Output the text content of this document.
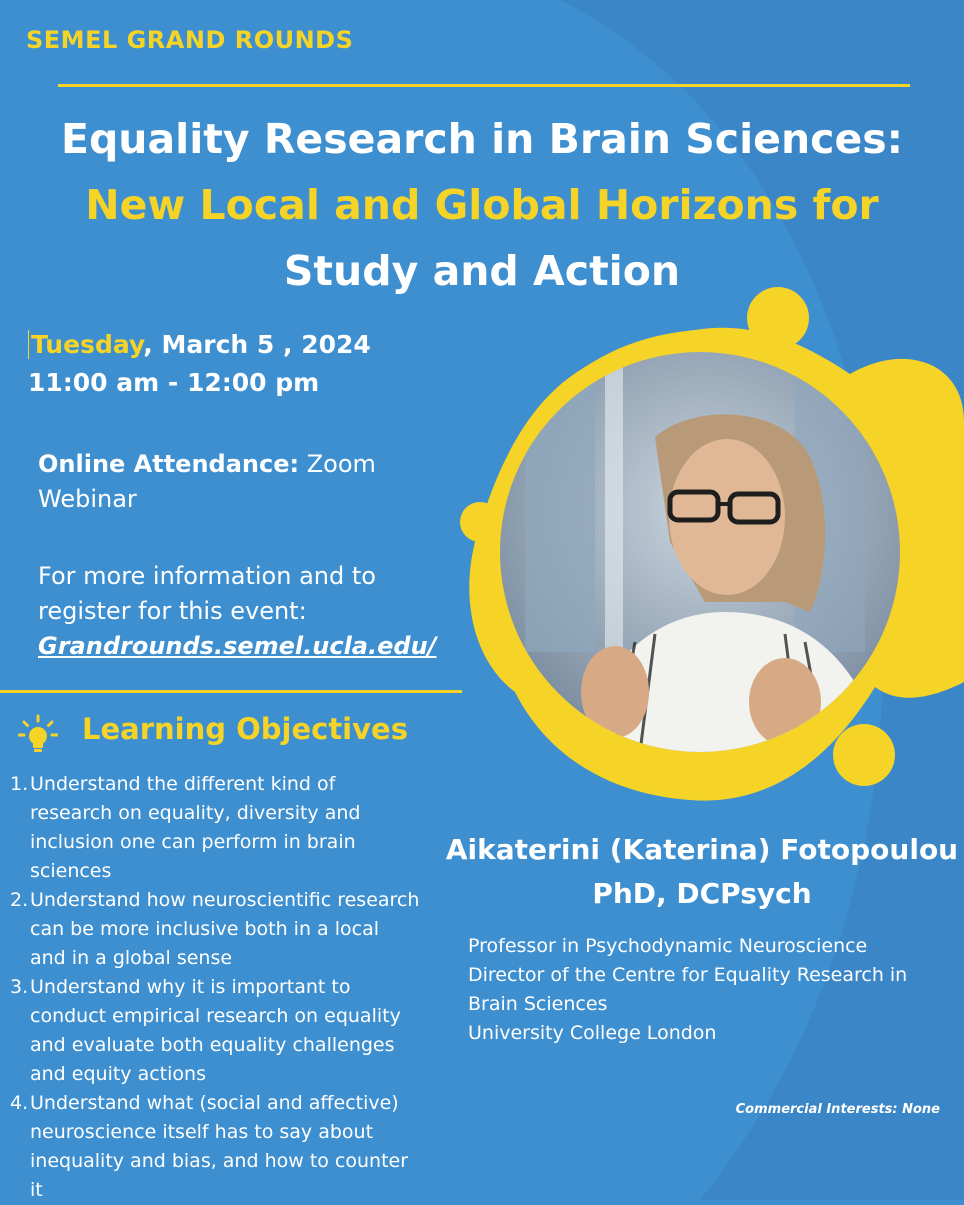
SEMEL GRAND ROUNDS
Equality Research in Brain Sciences:
New Local and Global Horizons for
Study and Action
Tuesday, March 5 , 2024
11:00 am - 12:00 pm

Online Attendance: Zoom Webinar

For more information and to register for this event:
Grandrounds.semel.ucla.edu/
Learning Objectives
1. Understand the different kind of research on equality, diversity and inclusion one can perform in brain sciences
2. Understand how neuroscientific research can be more inclusive both in a local and in a global sense
3. Understand why it is important to conduct empirical research on equality and evaluate both equality challenges and equity actions
4. Understand what (social and affective) neuroscience itself has to say about inequality and bias, and how to counter it
Aikaterini (Katerina) Fotopoulou
PhD, DCPsych

Professor in Psychodynamic Neuroscience
Director of the Centre for Equality Research in
Brain Sciences
University College London

Commercial Interests: None
